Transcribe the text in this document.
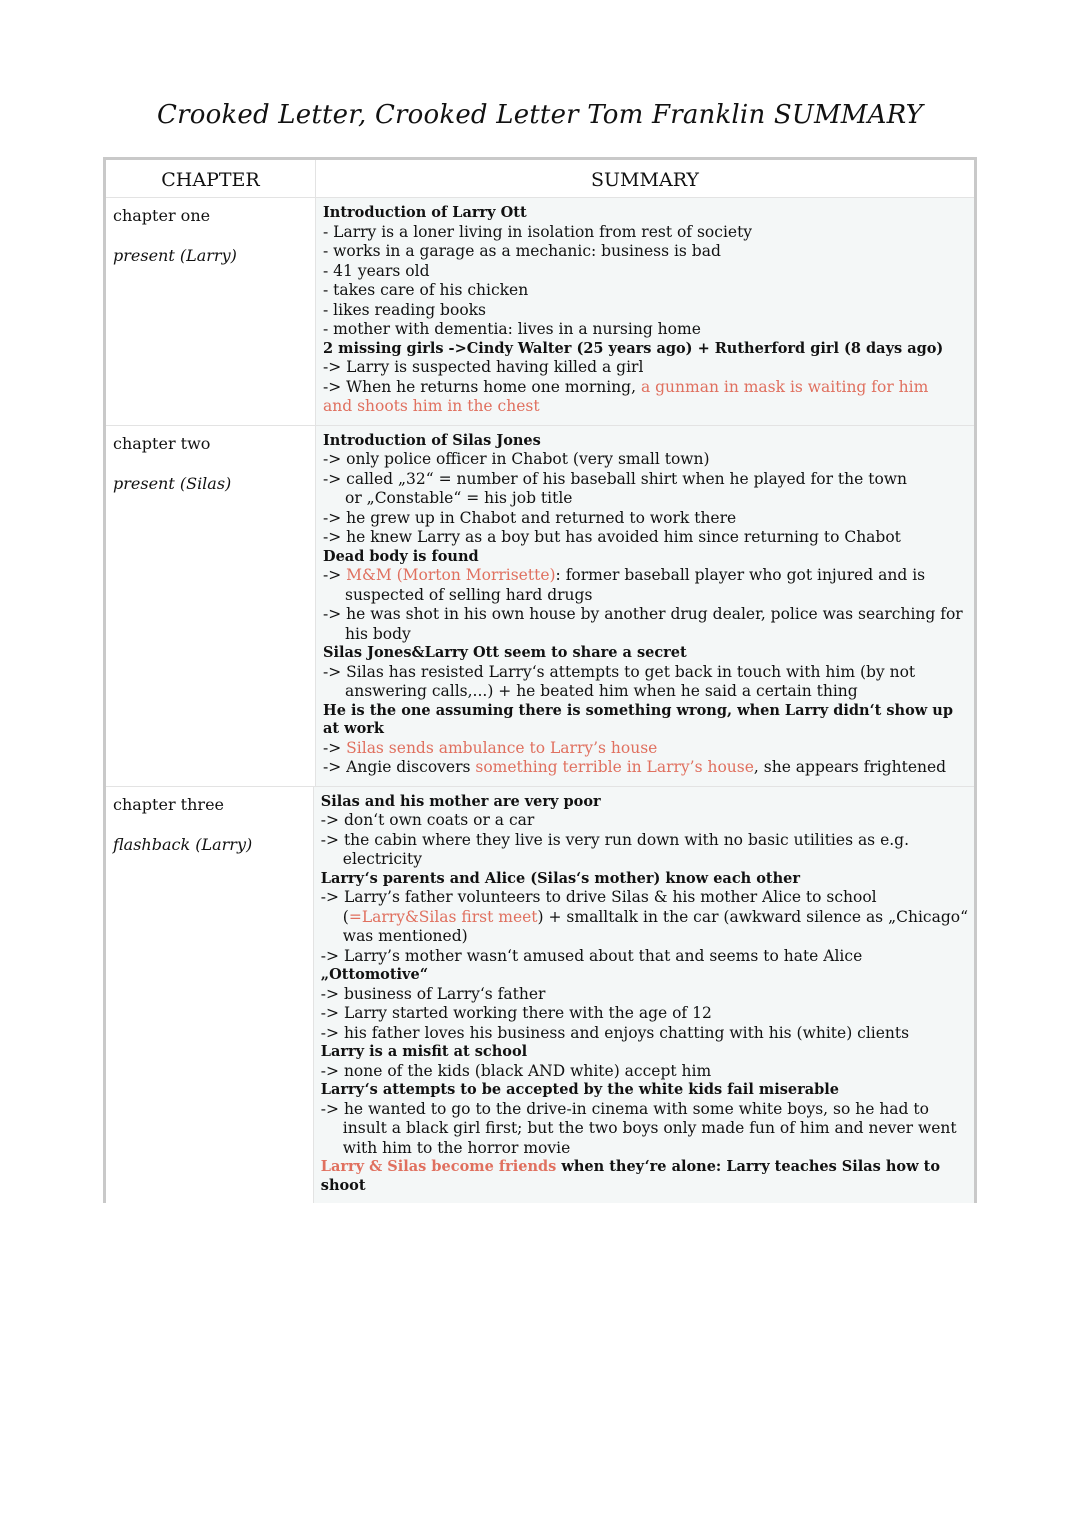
Crooked Letter, Crooked Letter Tom Franklin SUMMARY
CHAPTER	SUMMARY
chapter one
present (Larry)
Introduction of Larry Ott
- Larry is a loner living in isolation from rest of society
- works in a garage as a mechanic: business is bad
- 41 years old
- takes care of his chicken
- likes reading books
- mother with dementia: lives in a nursing home
2 missing girls ->Cindy Walter (25 years ago) + Rutherford girl (8 days ago)
-> Larry is suspected having killed a girl
-> When he returns home one morning, a gunman in mask is waiting for him
and shoots him in the chest
chapter two
present (Silas)
Introduction of Silas Jones
-> only police officer in Chabot (very small town)
-> called „32“ = number of his baseball shirt when he played for the town
or „Constable“ = his job title
-> he grew up in Chabot and returned to work there
-> he knew Larry as a boy but has avoided him since returning to Chabot
Dead body is found
-> M&M (Morton Morrisette): former baseball player who got injured and is
suspected of selling hard drugs
-> he was shot in his own house by another drug dealer, police was searching for
his body
Silas Jones&Larry Ott seem to share a secret
-> Silas has resisted Larry‘s attempts to get back in touch with him (by not
answering calls,...) + he beated him when he said a certain thing
He is the one assuming there is something wrong, when Larry didn‘t show up
at work
-> Silas sends ambulance to Larry’s house
-> Angie discovers something terrible in Larry’s house, she appears frightened
chapter three
flashback (Larry)
Silas and his mother are very poor
-> don‘t own coats or a car
-> the cabin where they live is very run down with no basic utilities as e.g.
electricity
Larry‘s parents and Alice (Silas‘s mother) know each other
-> Larry’s father volunteers to drive Silas & his mother Alice to school
(=Larry&Silas first meet) + smalltalk in the car (awkward silence as „Chicago“
was mentioned)
-> Larry’s mother wasn‘t amused about that and seems to hate Alice
„Ottomotive“
-> business of Larry‘s father
-> Larry started working there with the age of 12
-> his father loves his business and enjoys chatting with his (white) clients
Larry is a misfit at school
-> none of the kids (black AND white) accept him
Larry‘s attempts to be accepted by the white kids fail miserable
-> he wanted to go to the drive-in cinema with some white boys, so he had to
insult a black girl first; but the two boys only made fun of him and never went
with him to the horror movie
Larry & Silas become friends when they‘re alone: Larry teaches Silas how to
shoot
